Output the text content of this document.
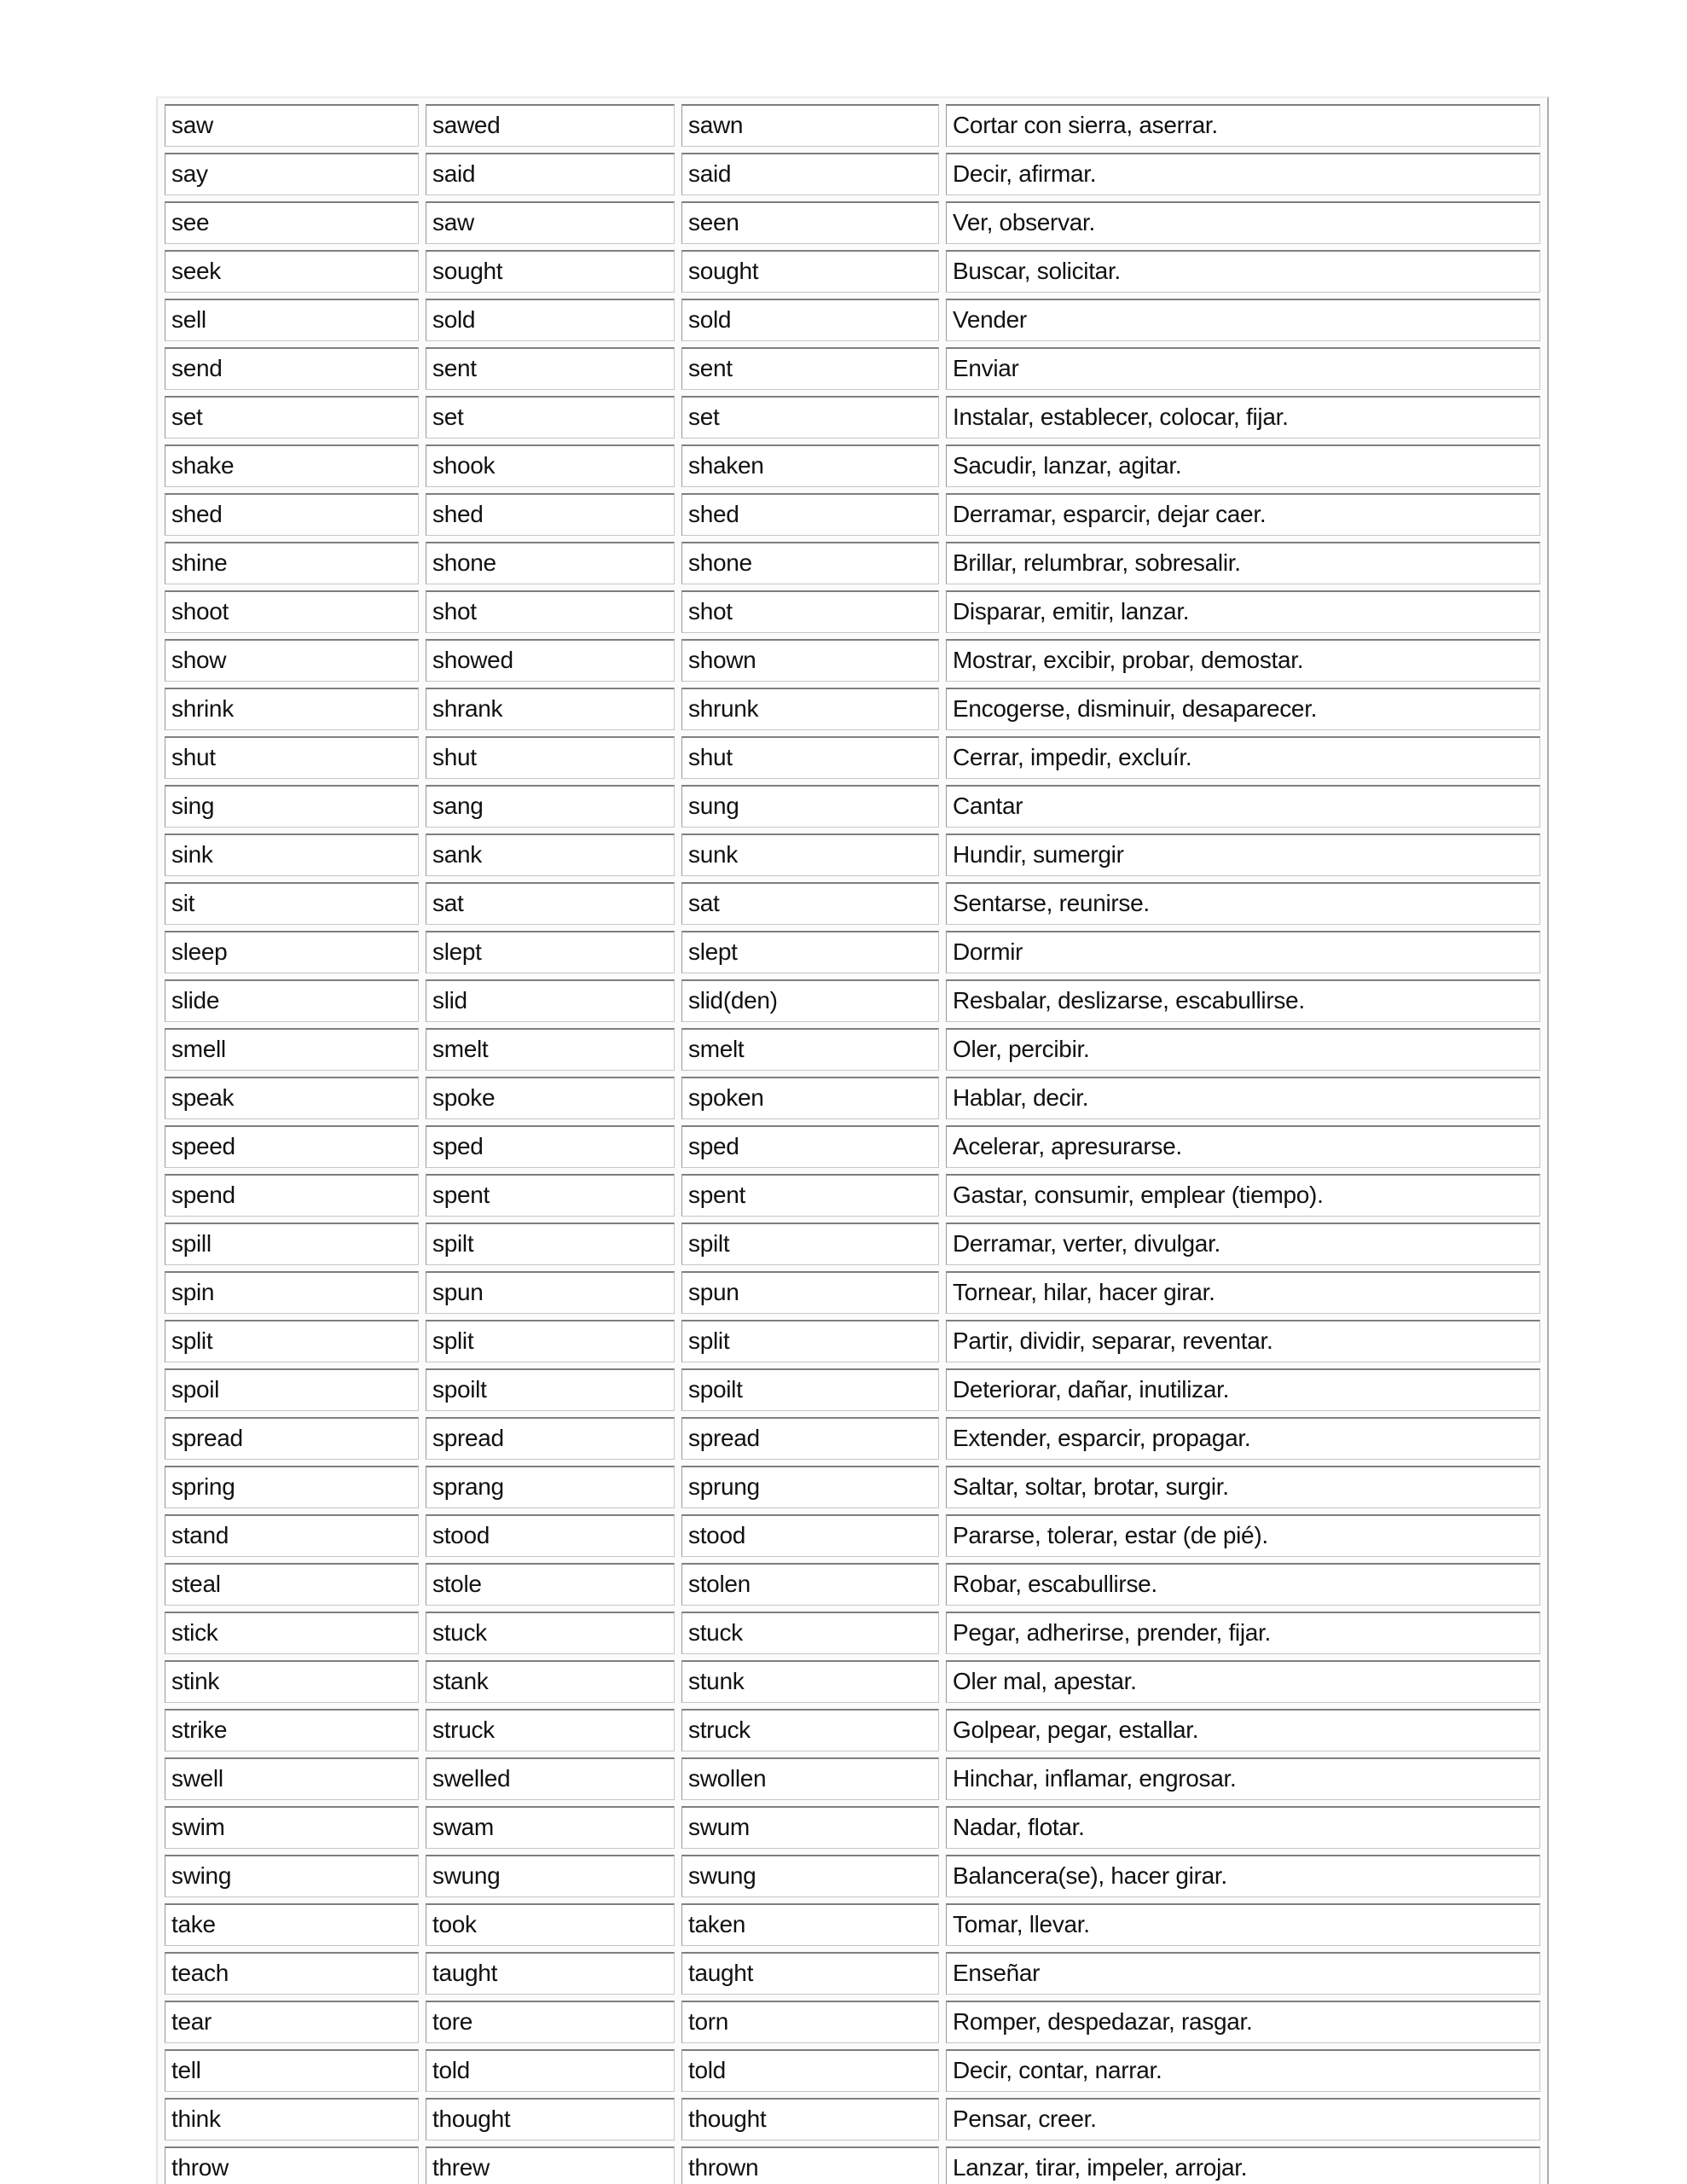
saw	sawed	sawn	Cortar con sierra, aserrar.
say	said	said	Decir, afirmar.
see	saw	seen	Ver, observar.
seek	sought	sought	Buscar, solicitar.
sell	sold	sold	Vender
send	sent	sent	Enviar
set	set	set	Instalar, establecer, colocar, fijar.
shake	shook	shaken	Sacudir, lanzar, agitar.
shed	shed	shed	Derramar, esparcir, dejar caer.
shine	shone	shone	Brillar, relumbrar, sobresalir.
shoot	shot	shot	Disparar, emitir, lanzar.
show	showed	shown	Mostrar, excibir, probar, demostar.
shrink	shrank	shrunk	Encogerse, disminuir, desaparecer.
shut	shut	shut	Cerrar, impedir, excluír.
sing	sang	sung	Cantar
sink	sank	sunk	Hundir, sumergir
sit	sat	sat	Sentarse, reunirse.
sleep	slept	slept	Dormir
slide	slid	slid(den)	Resbalar, deslizarse, escabullirse.
smell	smelt	smelt	Oler, percibir.
speak	spoke	spoken	Hablar, decir.
speed	sped	sped	Acelerar, apresurarse.
spend	spent	spent	Gastar, consumir, emplear (tiempo).
spill	spilt	spilt	Derramar, verter, divulgar.
spin	spun	spun	Tornear, hilar, hacer girar.
split	split	split	Partir, dividir, separar, reventar.
spoil	spoilt	spoilt	Deteriorar, dañar, inutilizar.
spread	spread	spread	Extender, esparcir, propagar.
spring	sprang	sprung	Saltar, soltar, brotar, surgir.
stand	stood	stood	Pararse, tolerar, estar (de pié).
steal	stole	stolen	Robar, escabullirse.
stick	stuck	stuck	Pegar, adherirse, prender, fijar.
stink	stank	stunk	Oler mal, apestar.
strike	struck	struck	Golpear, pegar, estallar.
swell	swelled	swollen	Hinchar, inflamar, engrosar.
swim	swam	swum	Nadar, flotar.
swing	swung	swung	Balancera(se), hacer girar.
take	took	taken	Tomar, llevar.
teach	taught	taught	Enseñar
tear	tore	torn	Romper, despedazar, rasgar.
tell	told	told	Decir, contar, narrar.
think	thought	thought	Pensar, creer.
throw	threw	thrown	Lanzar, tirar, impeler, arrojar.
